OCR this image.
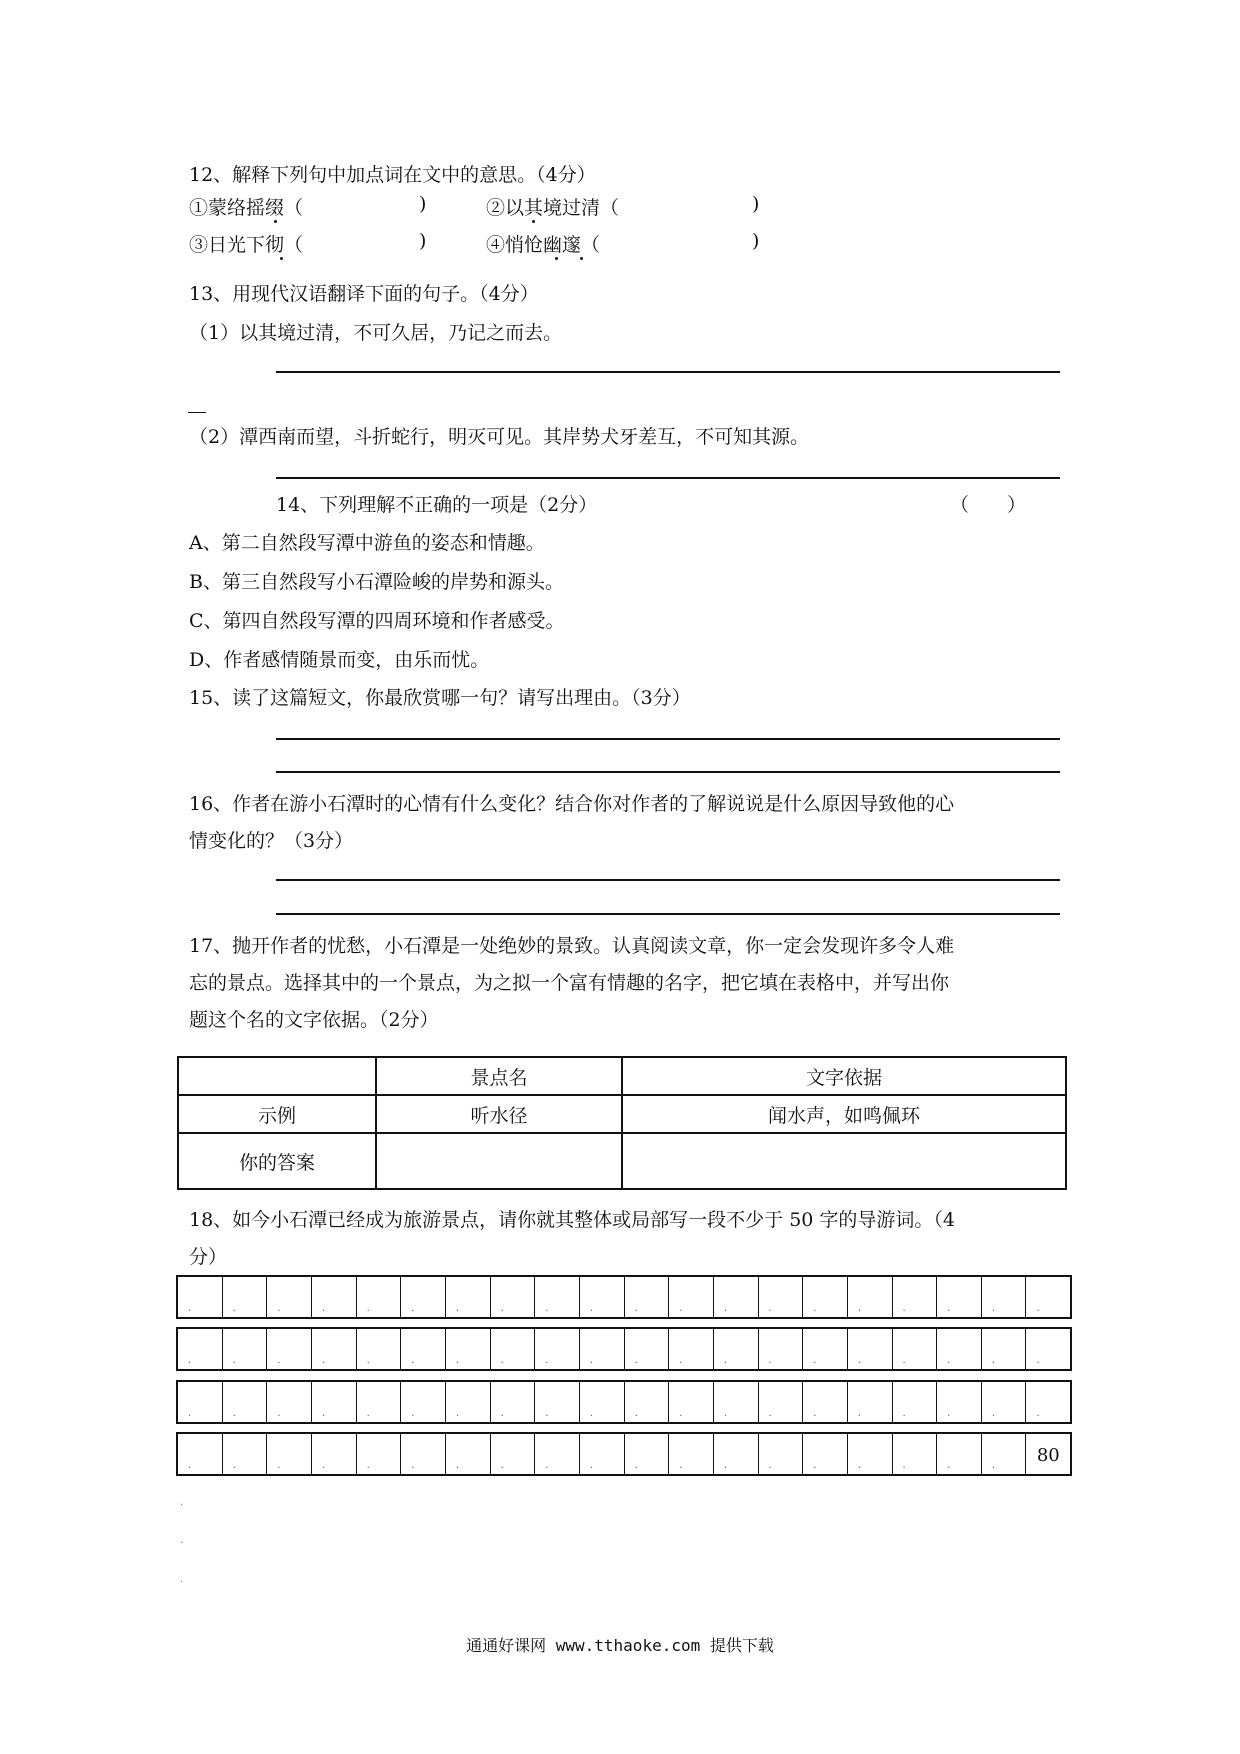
12、解释下列句中加点词在文中的意思。（4分）
①蒙络摇缀（	)	②以其境过清（	)
③日光下彻（	)	④悄怆幽邃（	)
13、用现代汉语翻译下面的句子。（4分）
（1）以其境过清，不可久居，乃记之而去。
（2）潭西南而望，斗折蛇行，明灭可见。其岸势犬牙差互，不可知其源。
14、下列理解不正确的一项是（2分）	（　　）
A、第二自然段写潭中游鱼的姿态和情趣。
B、第三自然段写小石潭险峻的岸势和源头。
C、第四自然段写潭的四周环境和作者感受。
D、作者感情随景而变，由乐而忧。
15、读了这篇短文，你最欣赏哪一句？请写出理由。（3分）
16、作者在游小石潭时的心情有什么变化？结合你对作者的了解说说是什么原因导致他的心
情变化的？（3分）
17、抛开作者的忧愁，小石潭是一处绝妙的景致。认真阅读文章，你一定会发现许多令人难
忘的景点。选择其中的一个景点，为之拟一个富有情趣的名字，把它填在表格中，并写出你
题这个名的文字依据。（2分）
	景点名	文字依据
示例	听水径	闻水声，如鸣佩环
你的答案		
18、如今小石潭已经成为旅游景点，请你就其整体或局部写一段不少于 50 字的导游词。（4
分）
.	.	.	.	.	.	.	.	.	.	.	.	.	.	.	.	.	.	.	.
.	.	.	.	.	.	.	.	.	.	.	.	.	.	.	.	.	.	.	.
.	.	.	.	.	.	.	.	.	.	.	.	.	.	.	.	.	.	.	.
.	.	.	.	.	.	.	.	.	.	.	.	.	.	.	.	.	.	.	80
·
·
·
通通好课网 www.tthaoke.com 提供下载
